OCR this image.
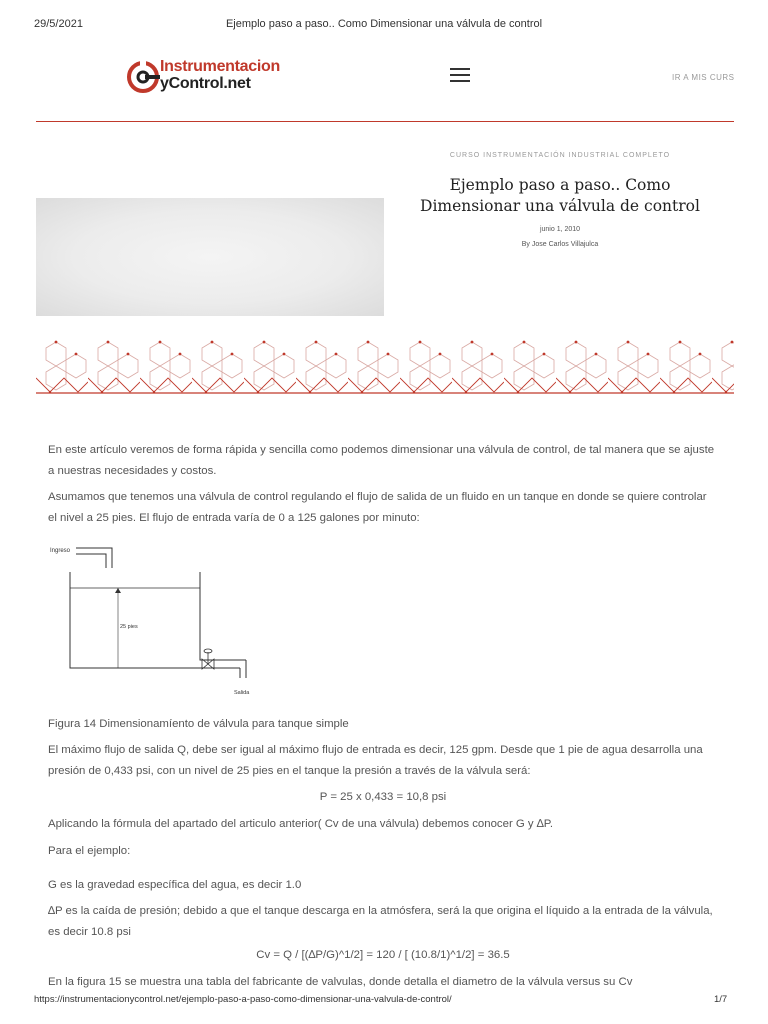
29/5/2021	Ejemplo paso a paso.. Como Dimensionar una válvula de control
Instrumentacion
yControl.net	IR A MIS CURS
CURSO INSTRUMENTACIÓN INDUSTRIAL COMPLETO
Ejemplo paso a paso.. Como Dimensionar una válvula de control
junio 1, 2010
By Jose Carlos Villajulca
En este artículo veremos de forma rápida y sencilla como podemos dimensionar una válvula de control, de tal manera que se ajuste a nuestras necesidades y costos.
Asumamos que tenemos una válvula de control regulando el flujo de salida de un fluido en un tanque en donde se quiere controlar el nivel a 25 pies. El flujo de entrada varía de 0 a 125 galones por minuto:
Ingreso
25 pies
Salida
Figura 14 Dimensionamíento de válvula para tanque simple
El máximo flujo de salida Q, debe ser igual al máximo flujo de entrada es decir, 125 gpm. Desde que 1 pie de agua desarrolla una presión de 0,433 psi, con un nivel de 25 pies en el tanque la presión a través de la válvula será:
P = 25 x 0,433 = 10,8 psi
Aplicando la fórmula del apartado del articulo anterior( Cv de una válvula) debemos conocer G y ∆P.
Para el ejemplo:
G es la gravedad específica del agua, es decir 1.0
∆P es la caída de presión; debido a que el tanque descarga en la atmósfera, será la que origina el líquido a la entrada de la válvula, es decir 10.8 psi
Cv = Q / [(∆P/G)^1/2] = 120 / [ (10.8/1)^1/2] = 36.5
En la figura 15 se muestra una tabla del fabricante de valvulas, donde detalla el diametro de la válvula versus su Cv
https://instrumentacionycontrol.net/ejemplo-paso-a-paso-como-dimensionar-una-valvula-de-control/	1/7
